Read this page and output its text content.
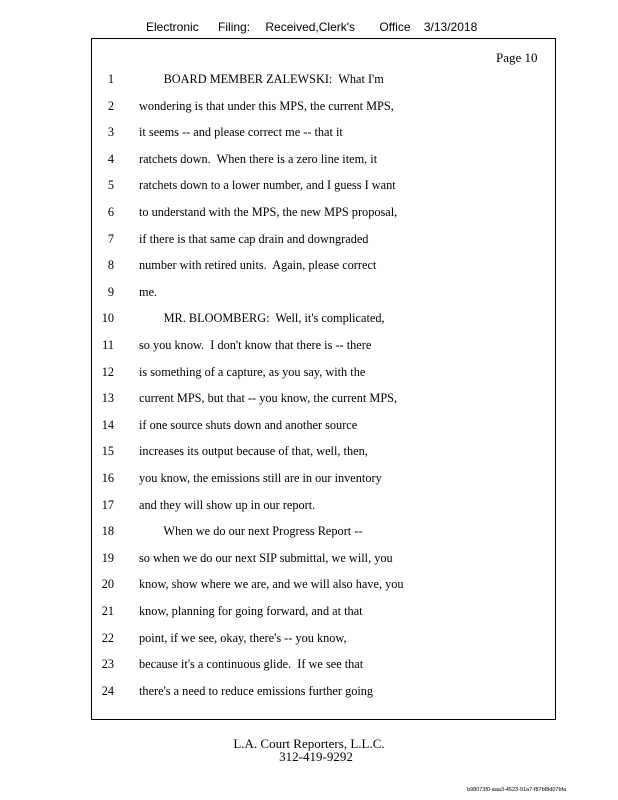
Electronic Filing: Received,Clerk's Office 3/13/2018
Page 10
1 BOARD MEMBER ZALEWSKI:  What I'm
2 wondering is that under this MPS, the current MPS,
3 it seems -- and please correct me -- that it
4 ratchets down.  When there is a zero line item, it
5 ratchets down to a lower number, and I guess I want
6 to understand with the MPS, the new MPS proposal,
7 if there is that same cap drain and downgraded
8 number with retired units.  Again, please correct
9 me.
10 MR. BLOOMBERG:  Well, it's complicated,
11 so you know.  I don't know that there is -- there
12 is something of a capture, as you say, with the
13 current MPS, but that -- you know, the current MPS,
14 if one source shuts down and another source
15 increases its output because of that, well, then,
16 you know, the emissions still are in our inventory
17 and they will show up in our report.
18 When we do our next Progress Report --
19 so when we do our next SIP submittal, we will, you
20 know, show where we are, and we will also have, you
21 know, planning for going forward, and at that
22 point, if we see, okay, there's -- you know,
23 because it's a continuous glide.  If we see that
24 there's a need to reduce emissions further going
L.A. Court Reporters, L.L.C.
312-419-9292
b98073f0-aaa3-4523-91a7-f87bf8d07bfa
